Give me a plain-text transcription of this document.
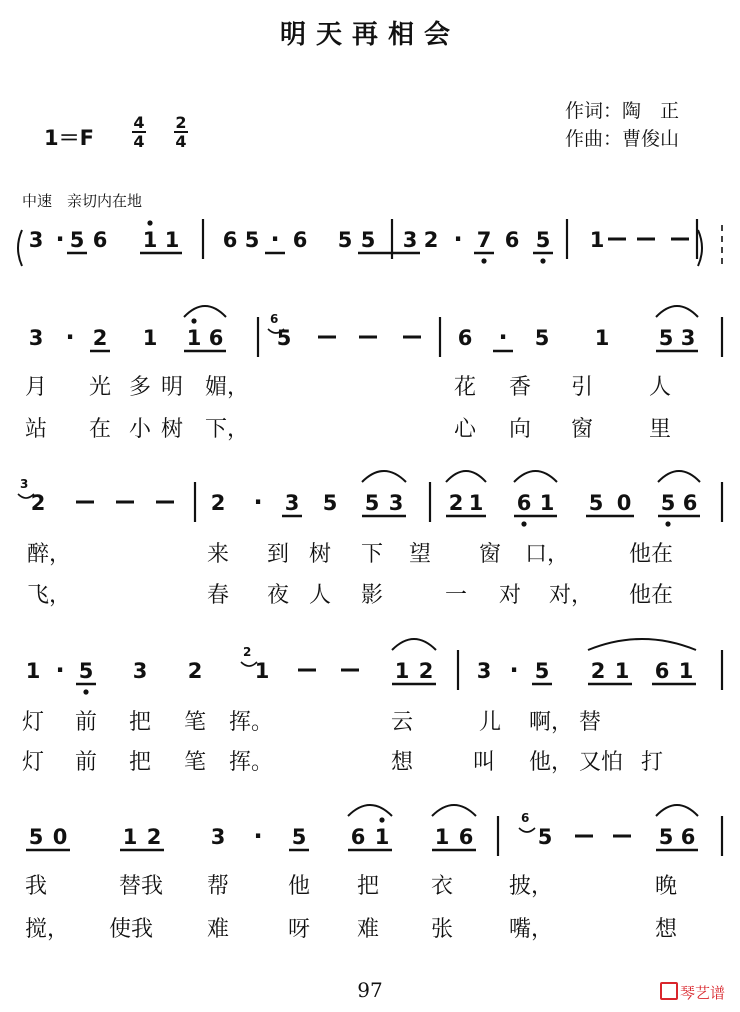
明天再相会
作词：陶　正
作曲：曹俊山
1＝F
4
4
2
4
中速　亲切内在地
3 · 5 6 1 1 6 5 · 6 5 5 3 2 · 7 6 5 1
3 · 2 1 1 6	5	6 · 5 1 5 3
6
2	2 · 3 5 5 3 2 1 6 1 5 0 5 6
3
1 · 5 3 2 1	1 2 3 · 5 2 1 6 1
2
5 0	1 2 3 · 5 6 1 1 6	5	5 6
6
月 光 多 明 媚，	花 香 引	人
站 在 小 树 下，	心 向 窗	里
醉，	来 到 树 下 望 窗 口，	他在
飞，	春 夜 人 影	一 对 对， 他在
灯 前 把 笔 挥。	云	儿 啊， 替
灯 前 把 笔 挥。	想	叫 他， 又怕 打
我	替我 帮	他 把 衣	披，	晚
搅， 使我 难	呀 难 张	嘴，	想
97	琴艺谱
